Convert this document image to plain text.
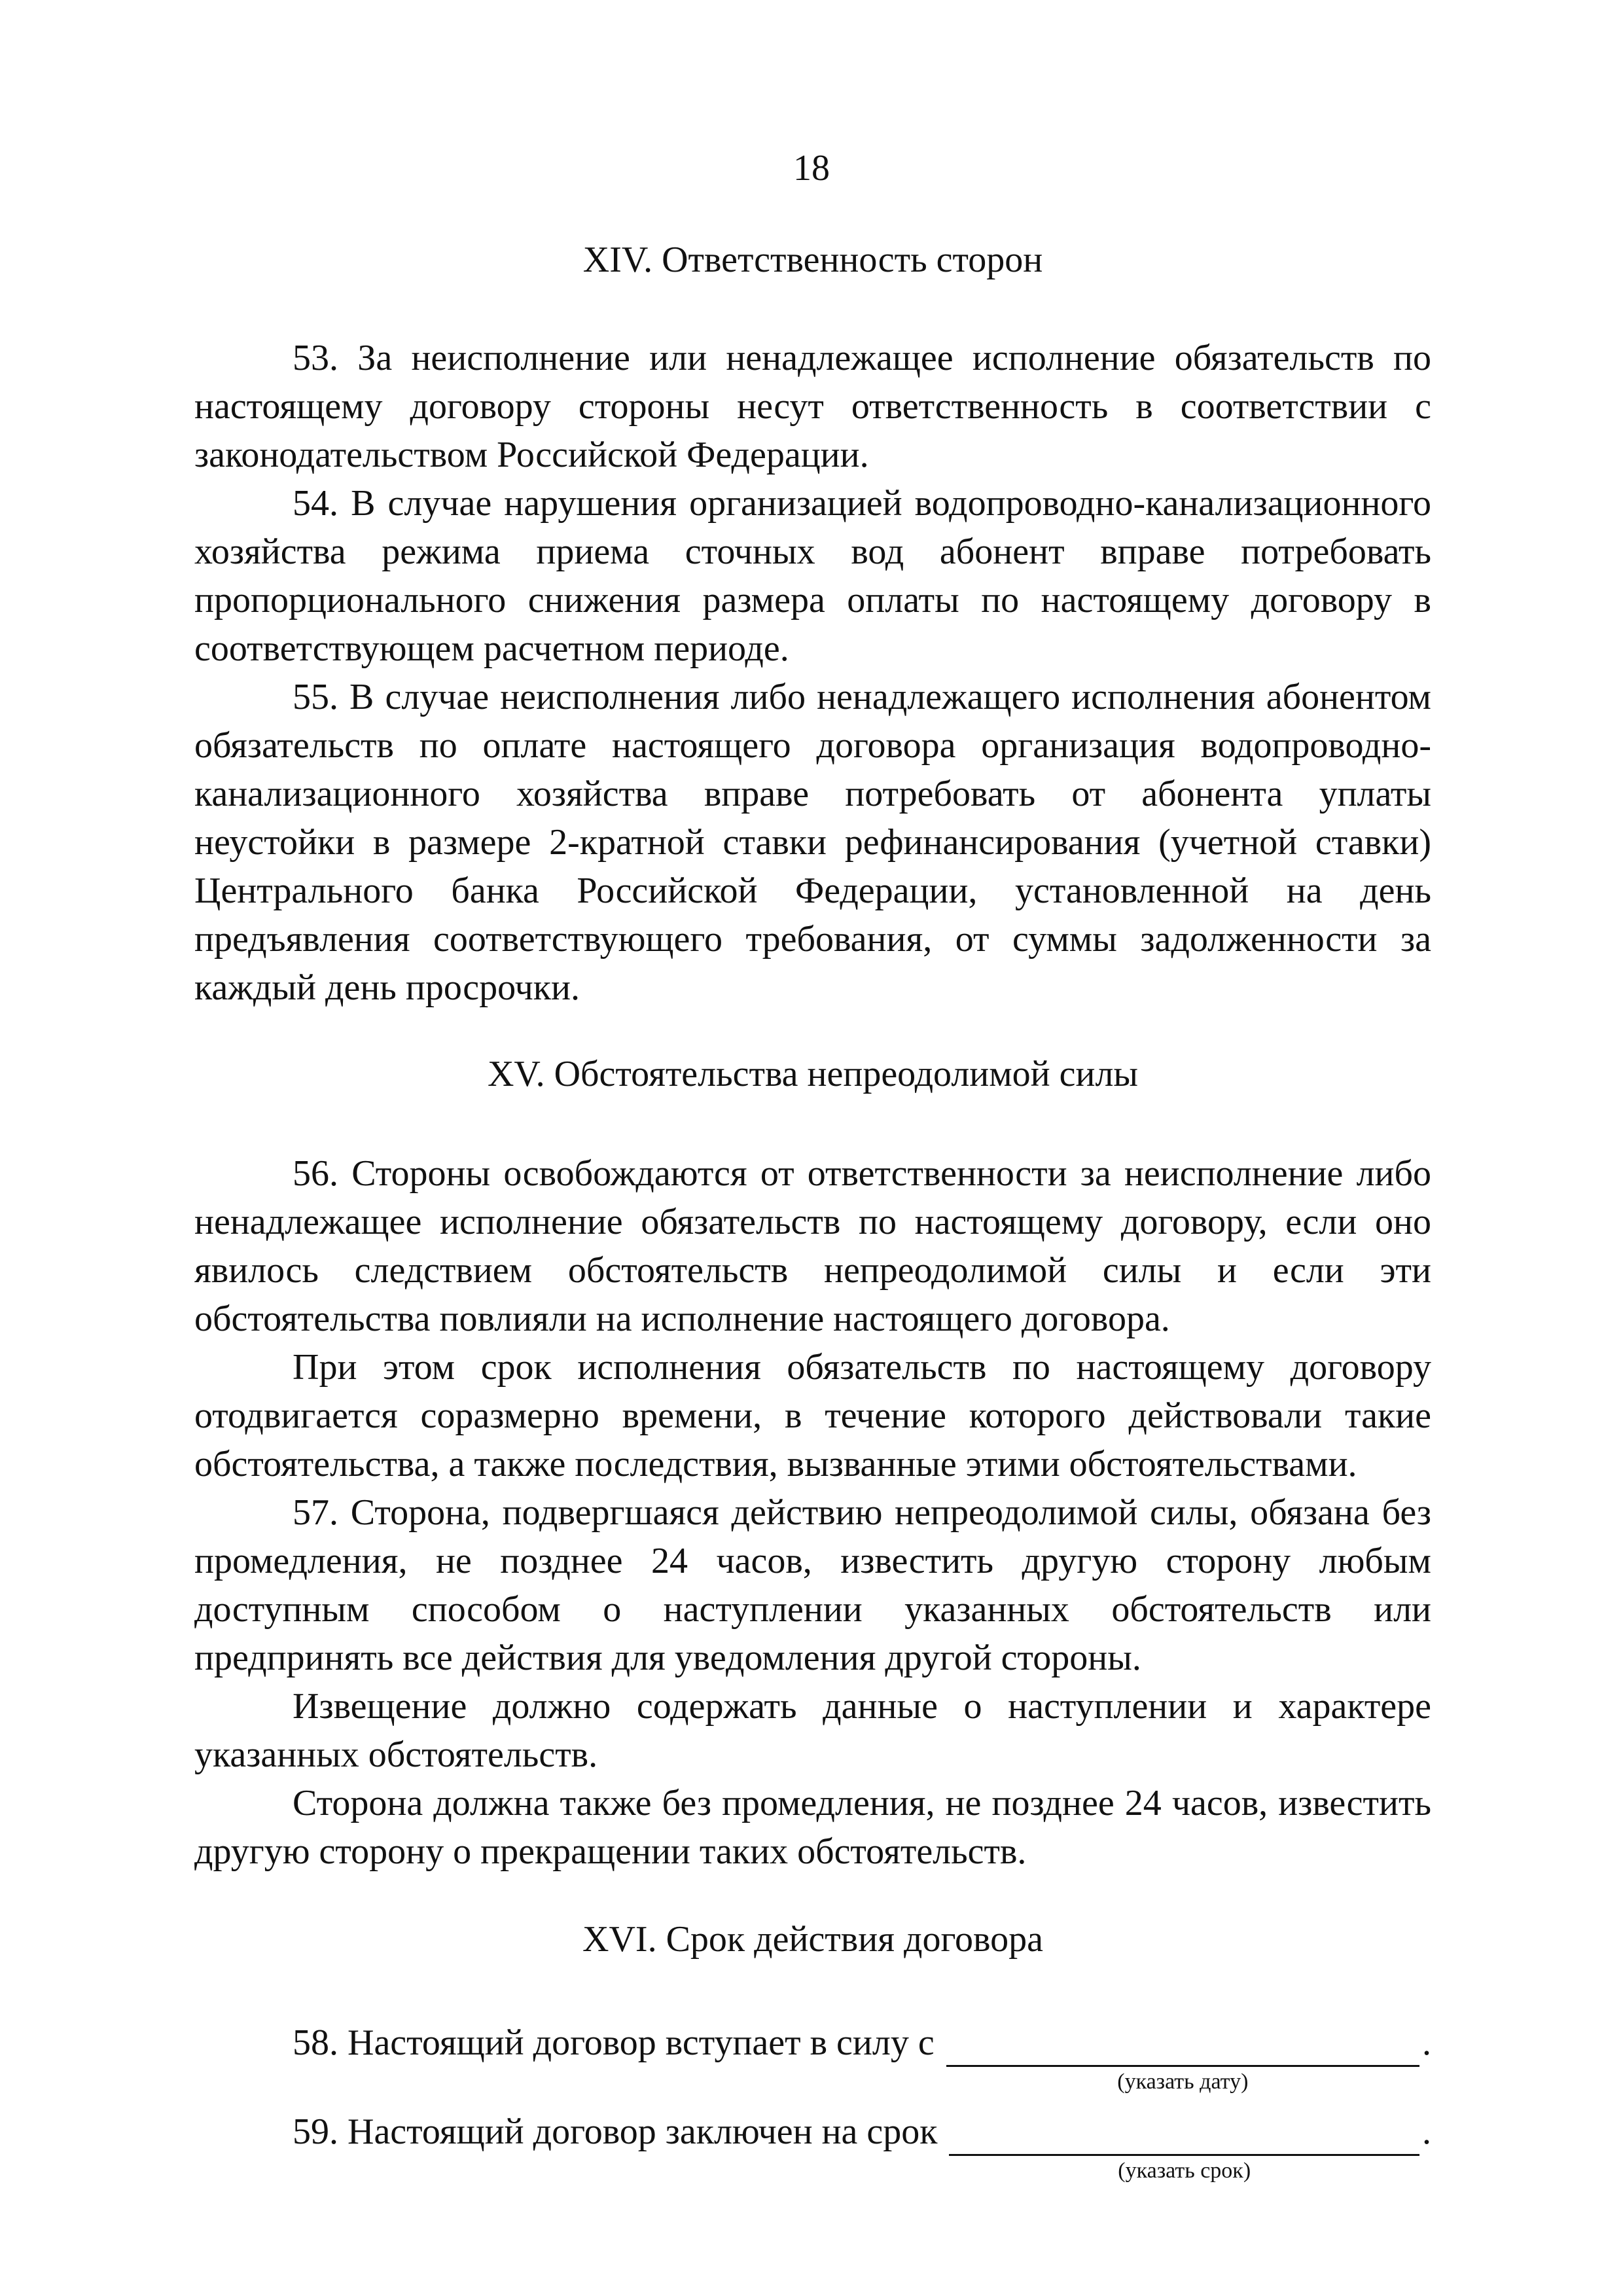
18
XIV. Ответственность сторон

53. За неисполнение или ненадлежащее исполнение обязательств по настоящему договору стороны несут ответственность в соответствии с законодательством Российской Федерации.

54. В случае нарушения организацией водопроводно-канализационного хозяйства режима приема сточных вод абонент вправе потребовать пропорционального снижения размера оплаты по настоящему договору в соответствующем расчетном периоде.

55. В случае неисполнения либо ненадлежащего исполнения абонентом обязательств по оплате настоящего договора организация водопроводно-канализационного хозяйства вправе потребовать от абонента уплаты неустойки в размере 2-кратной ставки рефинансирования (учетной ставки) Центрального банка Российской Федерации, установленной на день предъявления соответствующего требования, от суммы задолженности за каждый день просрочки.

XV. Обстоятельства непреодолимой силы

56. Стороны освобождаются от ответственности за неисполнение либо ненадлежащее исполнение обязательств по настоящему договору, если оно явилось следствием обстоятельств непреодолимой силы и если эти обстоятельства повлияли на исполнение настоящего договора.

При этом срок исполнения обязательств по настоящему договору отодвигается соразмерно времени, в течение которого действовали такие обстоятельства, а также последствия, вызванные этими обстоятельствами.

57. Сторона, подвергшаяся действию непреодолимой силы, обязана без промедления, не позднее 24 часов, известить другую сторону любым доступным способом о наступлении указанных обстоятельств или предпринять все действия для уведомления другой стороны.

Извещение должно содержать данные о наступлении и характере указанных обстоятельств.

Сторона должна также без промедления, не позднее 24 часов, известить другую сторону о прекращении таких обстоятельств.

XVI. Срок действия договора
58. Настоящий договор вступает в силу с
(указать дату)
.
59. Настоящий договор заключен на срок
(указать срок)
.
